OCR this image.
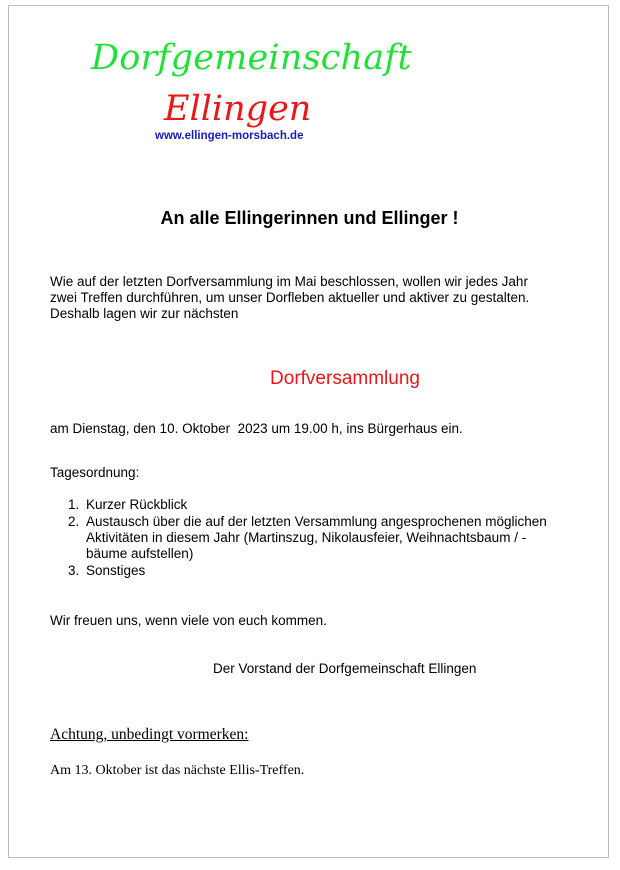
Dorfgemeinschaft
Ellingen
www.ellingen-morsbach.de
An alle Ellingerinnen und Ellinger !
Wie auf der letzten Dorfversammlung im Mai beschlossen, wollen wir jedes Jahr
zwei Treffen durchführen, um unser Dorfleben aktueller und aktiver zu gestalten.
Deshalb lagen wir zur nächsten
Dorfversammlung
am Dienstag, den 10. Oktober  2023 um 19.00 h, ins Bürgerhaus ein.
Tagesordnung:
1. Kurzer Rückblick
2. Austausch über die auf der letzten Versammlung angesprochenen möglichen
Aktivitäten in diesem Jahr (Martinszug, Nikolausfeier, Weihnachtsbaum / -
bäume aufstellen)
3. Sonstiges
Wir freuen uns, wenn viele von euch kommen.
Der Vorstand der Dorfgemeinschaft Ellingen
Achtung, unbedingt vormerken:
Am 13. Oktober ist das nächste Ellis-Treffen.
